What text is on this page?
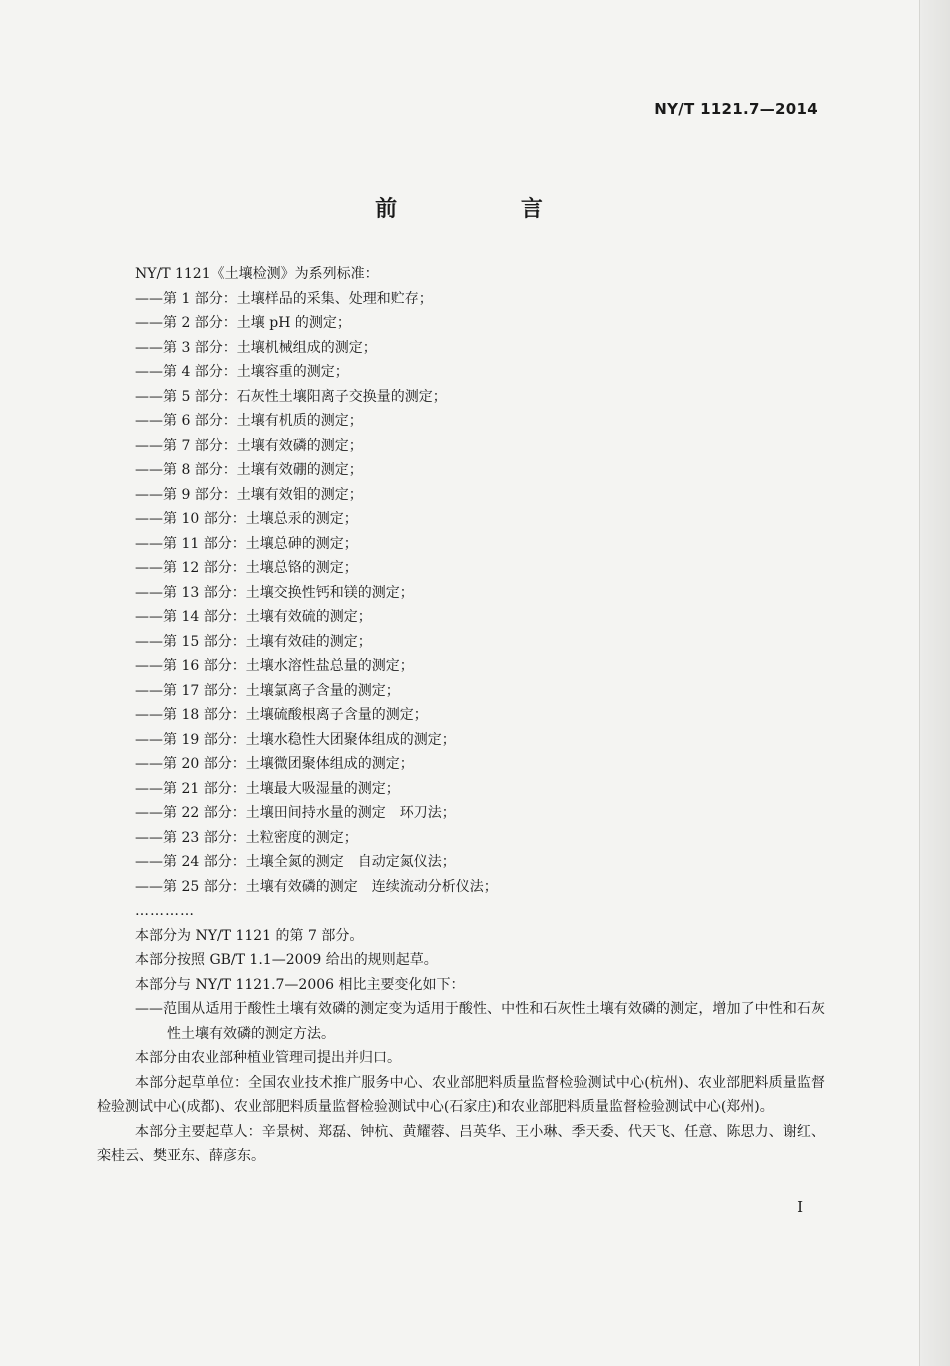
NY/T 1121.7—2014
前 言
NY/T 1121《土壤检测》为系列标准：
——第 1 部分：土壤样品的采集、处理和贮存；
——第 2 部分：土壤 pH 的测定；
——第 3 部分：土壤机械组成的测定；
——第 4 部分：土壤容重的测定；
——第 5 部分：石灰性土壤阳离子交换量的测定；
——第 6 部分：土壤有机质的测定；
——第 7 部分：土壤有效磷的测定；
——第 8 部分：土壤有效硼的测定；
——第 9 部分：土壤有效钼的测定；
——第 10 部分：土壤总汞的测定；
——第 11 部分：土壤总砷的测定；
——第 12 部分：土壤总铬的测定；
——第 13 部分：土壤交换性钙和镁的测定；
——第 14 部分：土壤有效硫的测定；
——第 15 部分：土壤有效硅的测定；
——第 16 部分：土壤水溶性盐总量的测定；
——第 17 部分：土壤氯离子含量的测定；
——第 18 部分：土壤硫酸根离子含量的测定；
——第 19 部分：土壤水稳性大团聚体组成的测定；
——第 20 部分：土壤微团聚体组成的测定；
——第 21 部分：土壤最大吸湿量的测定；
——第 22 部分：土壤田间持水量的测定　环刀法；
——第 23 部分：土粒密度的测定；
——第 24 部分：土壤全氮的测定　自动定氮仪法；
——第 25 部分：土壤有效磷的测定　连续流动分析仪法；
…………
本部分为 NY/T 1121 的第 7 部分。
本部分按照 GB/T 1.1—2009 给出的规则起草。
本部分与 NY/T 1121.7—2006 相比主要变化如下：
——范围从适用于酸性土壤有效磷的测定变为适用于酸性、中性和石灰性土壤有效磷的测定，增加了中性和石灰性土壤有效磷的测定方法。
本部分由农业部种植业管理司提出并归口。
本部分起草单位：全国农业技术推广服务中心、农业部肥料质量监督检验测试中心(杭州)、农业部肥料质量监督检验测试中心(成都)、农业部肥料质量监督检验测试中心(石家庄)和农业部肥料质量监督检验测试中心(郑州)。
本部分主要起草人：辛景树、郑磊、钟杭、黄耀蓉、吕英华、王小琳、季天委、代天飞、任意、陈思力、谢红、栾桂云、樊亚东、薛彦东。
I
